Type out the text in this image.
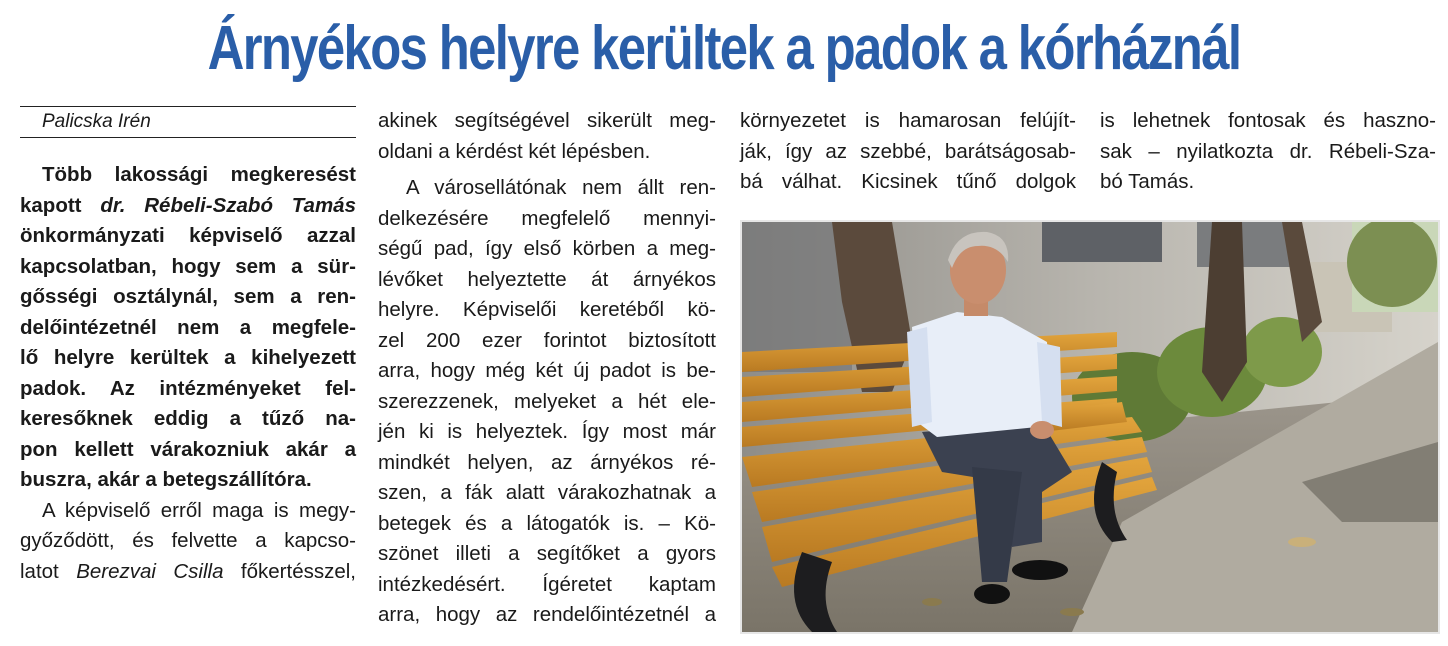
Árnyékos helyre kerültek a padok a kórháznál
Palicska Irén
Több lakossági megkeresést
kapott dr. Rébeli-Szabó Tamás
önkormányzati képviselő azzal
kapcsolatban, hogy sem a sür-
gősségi osztálynál, sem a ren-
delőintézetnél nem a megfele-
lő helyre kerültek a kihelyezett
padok. Az intézményeket fel-
keresőknek eddig a tűző na-
pon kellett várakozniuk akár a
buszra, akár a betegszállítóra.
A képviselő erről maga is megy-
győződött, és felvette a kapcso-
latot Berezvai Csilla főkertésszel,
akinek segítségével sikerült meg-
oldani a kérdést két lépésben.
A városellátónak nem állt ren-
delkezésére megfelelő mennyi-
ségű pad, így első körben a meg-
lévőket helyeztette át árnyékos
helyre. Képviselői keretéből kö-
zel 200 ezer forintot biztosított
arra, hogy még két új padot is be-
szerezzenek, melyeket a hét ele-
jén ki is helyeztek. Így most már
mindkét helyen, az árnyékos ré-
szen, a fák alatt várakozhatnak a
betegek és a látogatók is. – Kö-
szönet illeti a segítőket a gyors
intézkedésért. Ígéretet kaptam
arra, hogy az rendelőintézetnél a
környezetet is hamarosan felújít-
ják, így az szebbé, barátságosab-
bá válhat. Kicsinek tűnő dolgok
is lehetnek fontosak és haszno-
sak – nyilatkozta dr. Rébeli-Sza-
bó Tamás.
